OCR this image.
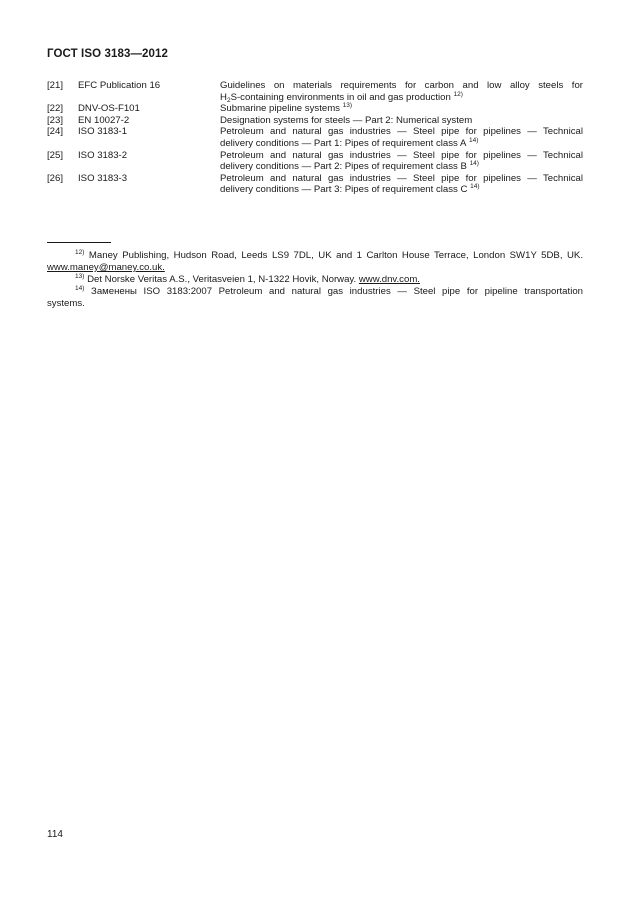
ГОСТ ISO 3183—2012
[21]	EFC Publication 16	Guidelines on materials requirements for carbon and low alloy steels for
$H_2S$-containing environments in oil and gas production $^{12)}$
[22]	DNV-OS-F101	Submarine pipeline systems $^{13)}$
[23]	EN 10027-2	Designation systems for steels — Part 2: Numerical system
[24]	ISO 3183-1	Petroleum and natural gas industries — Steel pipe for pipelines — Technical
delivery conditions — Part 1: Pipes of requirement class A $^{14)}$
[25]	ISO 3183-2	Petroleum and natural gas industries — Steel pipe for pipelines — Technical
delivery conditions — Part 2: Pipes of requirement class B $^{14)}$
[26]	ISO 3183-3	Petroleum and natural gas industries — Steel pipe for pipelines — Technical
delivery conditions — Part 3: Pipes of requirement class C $^{14)}$
$^{12)}$ Maney Publishing, Hudson Road, Leeds LS9 7DL, UK and 1 Carlton House Terrace, London SW1Y 5DB, UK.
www.maney@maney.co.uk.
$^{13)}$ Det Norske Veritas A.S., Veritasveien 1, N-1322 Hovik, Norway. www.dnv.com.
$^{14)}$ Заменены ISO 3183:2007 Petroleum and natural gas industries — Steel pipe for pipeline transportation
systems.
114
